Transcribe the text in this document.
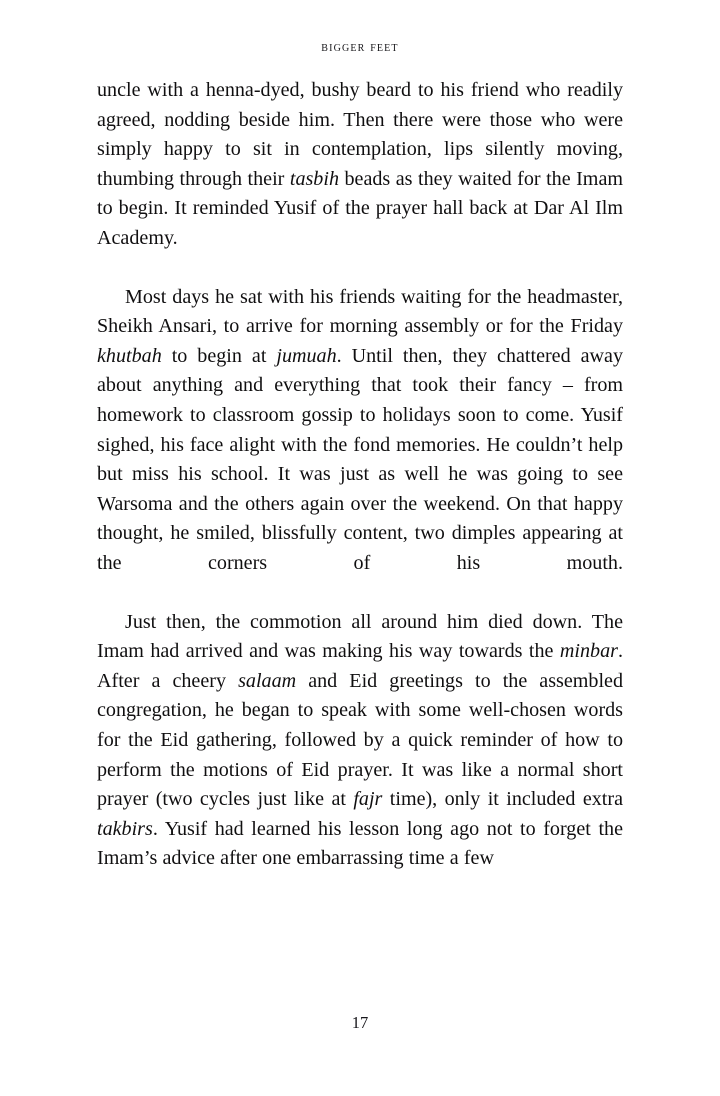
bigger feet

uncle with a henna-dyed, bushy beard to his friend who readily agreed, nodding beside him. Then there were those who were simply happy to sit in contemplation, lips silently moving, thumbing through their tasbih beads as they waited for the Imam to begin. It reminded Yusif of the prayer hall back at Dar Al Ilm Academy.

Most days he sat with his friends waiting for the headmaster, Sheikh Ansari, to arrive for morning assembly or for the Friday khutbah to begin at jumuah. Until then, they chattered away about anything and everything that took their fancy – from homework to classroom gossip to holidays soon to come. Yusif sighed, his face alight with the fond memories. He couldn’t help but miss his school. It was just as well he was going to see Warsoma and the others again over the weekend. On that happy thought, he smiled, blissfully content, two dimples appearing at the corners of his mouth.

Just then, the commotion all around him died down. The Imam had arrived and was making his way towards the minbar. After a cheery salaam and Eid greetings to the assembled congregation, he began to speak with some well-chosen words for the Eid gathering, followed by a quick reminder of how to perform the motions of Eid prayer. It was like a normal short prayer (two cycles just like at fajr time), only it included extra takbirs. Yusif had learned his lesson long ago not to forget the Imam’s advice after one embarrassing time a few

17
